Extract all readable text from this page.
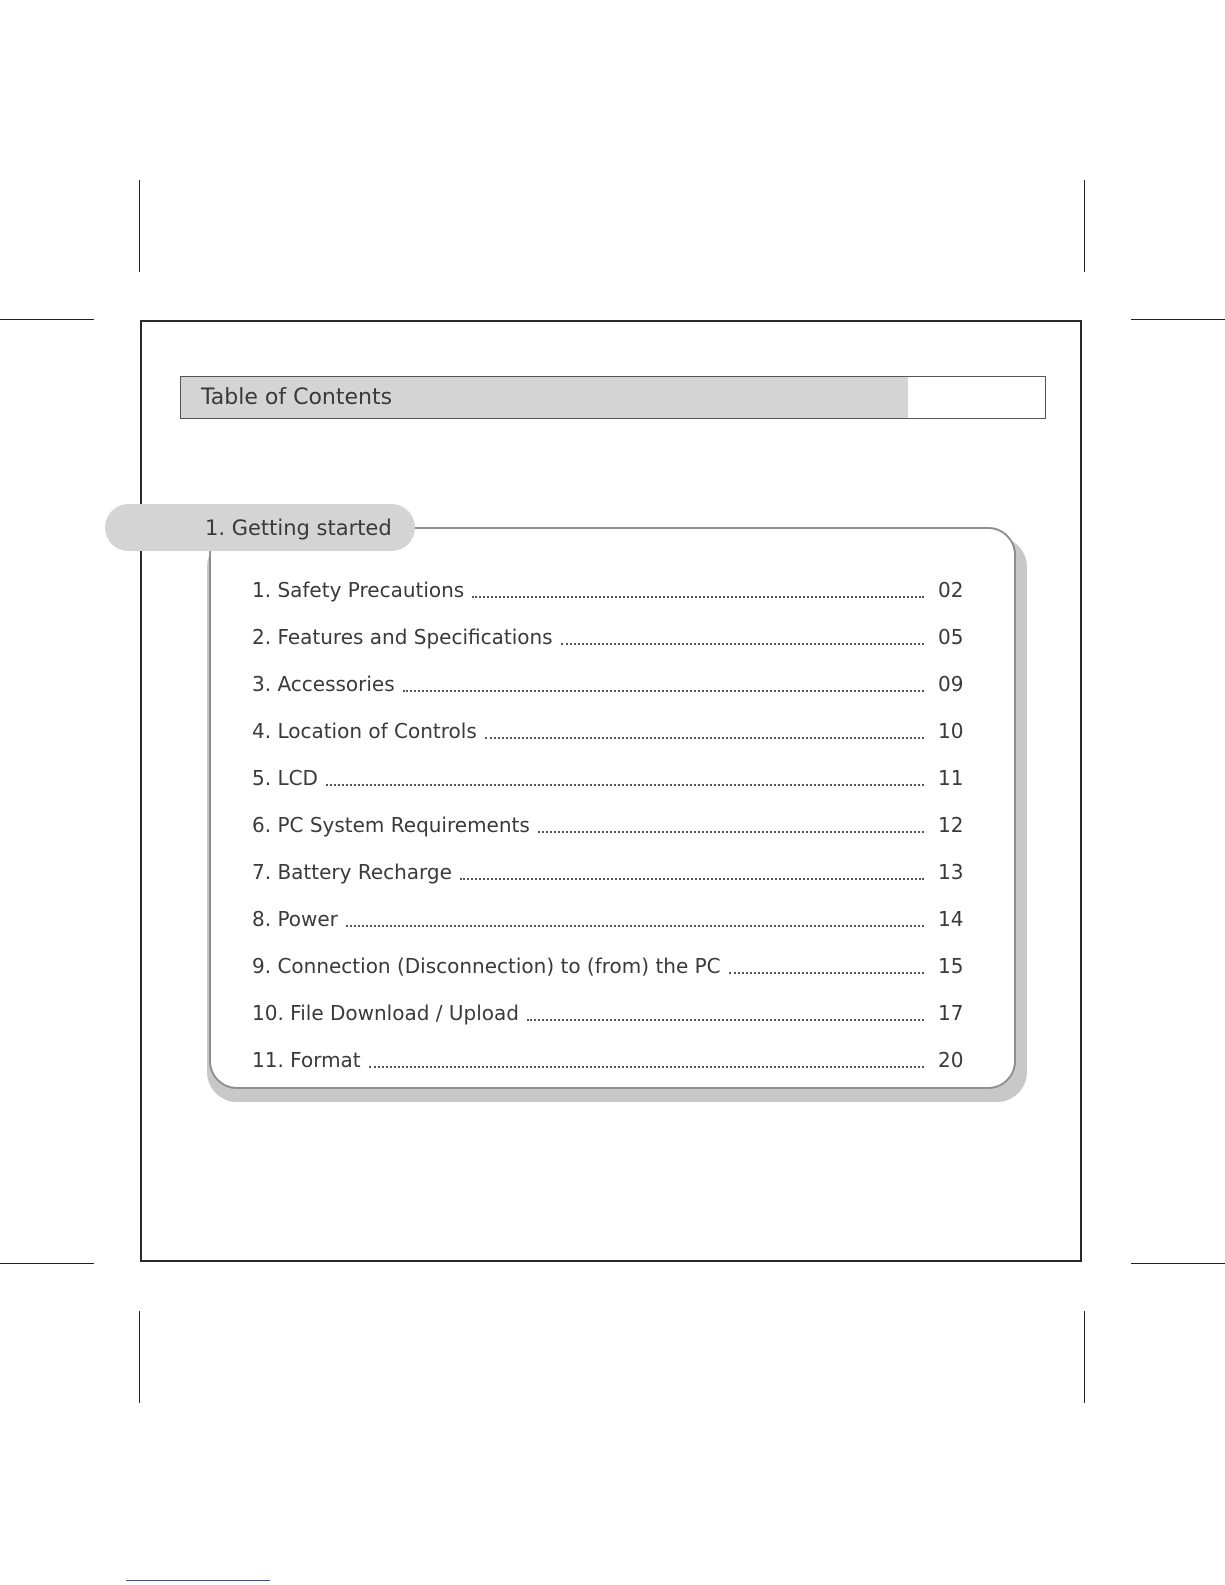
Table of Contents
1. Getting started
1. Safety Precautions	02
2. Features and Specifications	05
3. Accessories	09
4. Location of Controls	10
5. LCD	11
6. PC System Requirements	12
7. Battery Recharge	13
8. Power	14
9. Connection (Disconnection) to (from) the PC	15
10. File Download / Upload	17
11. Format	20
